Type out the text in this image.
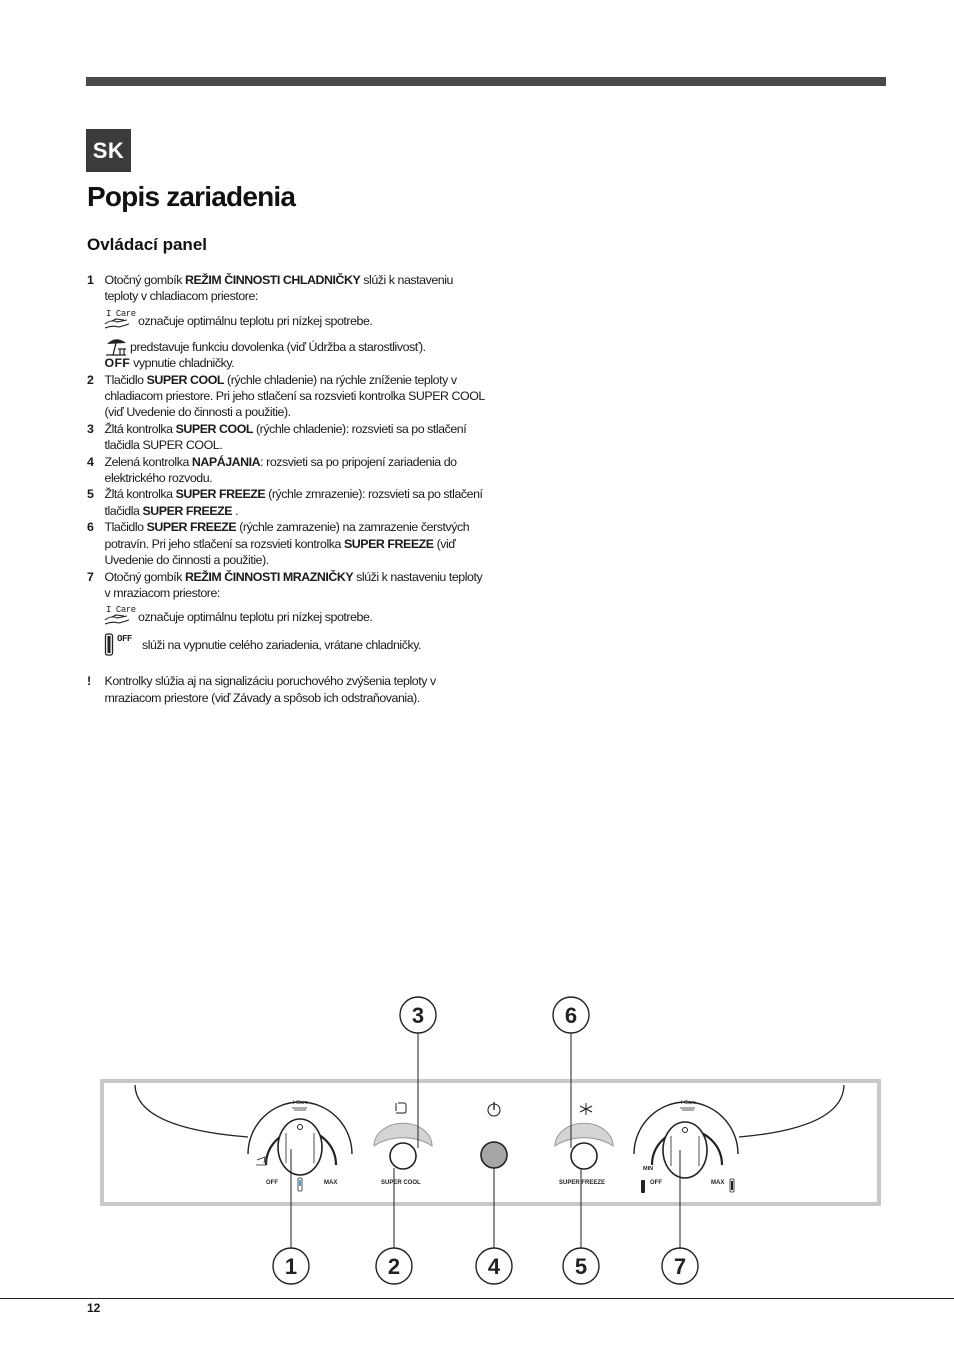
SK
Popis zariadenia
Ovládací panel
1 Otočný gombík REŽIM ČINNOSTI CHLADNIČKY slúži k nastaveniu teploty v chladiacom priestore:
I Care označuje optimálnu teplotu pri nízkej spotrebe.
predstavuje funkciu dovolenka (viď Údržba a starostlivosť).
OFF vypnutie chladničky.
2 Tlačidlo SUPER COOL (rýchle chladenie) na rýchle zníženie teploty v chladiacom priestore. Pri jeho stlačení sa rozsvieti kontrolka SUPER COOL (viď Uvedenie do činnosti a použitie).
3 Žltá kontrolka SUPER COOL (rýchle chladenie): rozsvieti sa po stlačení tlačidla SUPER COOL.
4 Zelená kontrolka NAPÁJANIA: rozsvieti sa po pripojení zariadenia do elektrického rozvodu.
5 Žltá kontrolka SUPER FREEZE (rýchle zmrazenie): rozsvieti sa po stlačení tlačidla SUPER FREEZE .
6 Tlačidlo SUPER FREEZE (rýchle zamrazenie) na zamrazenie čerstvých potravín. Pri jeho stlačení sa rozsvieti kontrolka SUPER FREEZE (viď Uvedenie do činnosti a použitie).
7 Otočný gombík REŽIM ČINNOSTI MRAZNIČKY slúži k nastaveniu teploty v mraziacom priestore:
I Care označuje optimálnu teplotu pri nízkej spotrebe.
OFF slúži na vypnutie celého zariadenia, vrátane chladničky.
! Kontrolky slúžia aj na signalizáciu poruchového zvýšenia teploty v mraziacom priestore (viď Závady a spôsob ich odstraňovania).
I Care
OFF	MAX	SUPER COOL	SUPER FREEZE
I Care
MIN
OFF	MAX
3	6
1	2	4	5	7
12
